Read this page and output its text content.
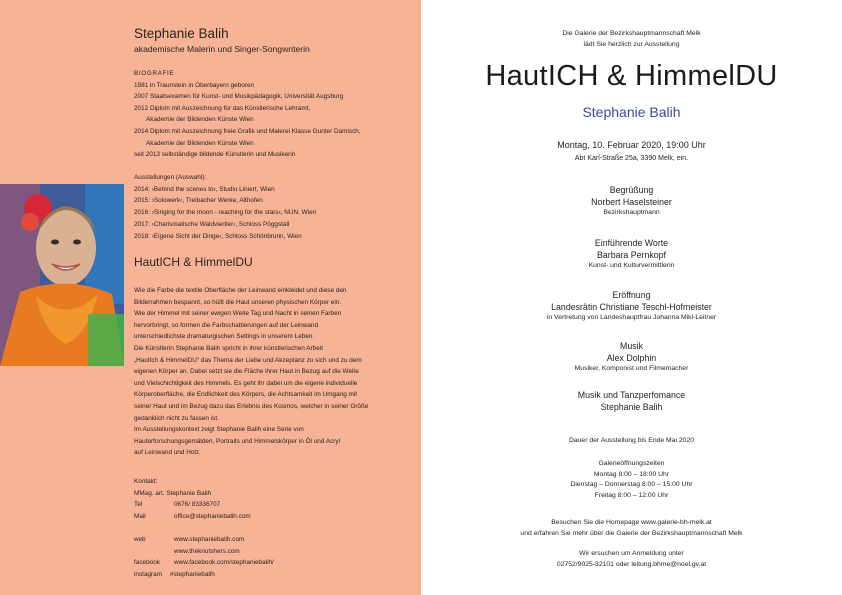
Stephanie Balih
akademische Malerin und Singer-Songwriterin
BIOGRAFIE
1981 in Traunstein in Oberbayern geboren
2007 Staatsexamen für Kunst- und Musikpädagogik, Universität Augsburg
2012 Diplom mit Auszeichnung für das Künstlerische Lehramt,
Akademie der Bildenden Künste Wien
2014 Diplom mit Auszeichnung freie Grafik und Malerei Klasse Gunter Damisch,
Akademie der Bildenden Künste Wien
seit 2013 selbständige bildende Künstlerin und Musikerin
Ausstellungen (Auswahl):
2014: ›Behind the scenes to‹, Studio Liniert, Wien
2015: ›Solowerk‹, Treibacher Werke, Althofen
2016: ›Singing for the moon - reaching for the stars‹, NUN, Wien
2017: ›Charismatische Waldviertler‹, Schloss Pöggstall
2018: ›Eigene Sicht der Dinge‹, Schloss Schönbrunn, Wien
HautICH & HimmelDU
Wie die Farbe die textile Oberfläche der Leinwand einkleidet und diese den
Bilderrahmen bespannt, so hüllt die Haut unseren physischen Körper ein.
Wie der Himmel mit seiner ewigen Weite Tag und Nacht in seinen Farben
hervorbringt, so formen die Farbschattierungen auf der Leinwand
unterschiedlichste dramaturgischen Settings in unserem Leben.
Die Künstlerin Stephanie Balih spricht in ihrer künstlerischen Arbeit
„HautIch & HimmelDU" das Thema der Liebe und Akzeptanz zu sich und zu dem
eigenen Körper an. Dabei setzt sie die Fläche ihrer Haut in Bezug auf die Weite
und Vielschichtigkeit des Himmels. Es geht ihr dabei um die eigene individuelle
Körperoberfläche, die Endlichkeit des Körpers, die Achtsamkeit im Umgang mit
seiner Haut und im Bezug dazu das Erlebnis des Kosmos, welcher in seiner Größe
gedanklich nicht zu fassen ist.
Im Ausstellungskontext zeigt Stephanie Balih eine Serie von
Hauterforschungsgemälden, Portraits und Himmelskörper in Öl und Acryl
auf Leinwand und Holz.
Kontakt:
MMag. art. Stephanie Balih
Tel	0676/ 83336707
Mail	office@stephaniebalih.com
web	www.stephaniebalih.com
www.theknutshers.com
facebook	www.facebook.com/stephaniebalih/
instagram	#stephaniebalih
Die Galerie der Bezirkshauptmannschaft Melk
lädt Sie herzlich zur Ausstellung
HautICH & HimmelDU
Stephanie Balih
Montag, 10. Februar 2020, 19:00 Uhr
Abt Karl-Straße 25a, 3390 Melk, ein.
Begrüßung
Norbert Haselsteiner
Bezirkshauptmann
Einführende Worte
Barbara Pernkopf
Kunst- und Kulturvermittlerin
Eröffnung
Landesrätin Christiane Teschl-Hofmeister
in Vertretung von Landeshauptfrau Johanna Mikl-Leitner
Musik
Alex Dolphin
Musiker, Komponist und Filmemacher
Musik und Tanzperfomance
Stephanie Balih
Dauer der Ausstellung bis Ende Mai 2020
Galerieöffnungszeiten
Montag 8:00 – 18:00 Uhr
Dienstag – Donnerstag 8:00 – 15:00 Uhr
Freitag 8:00 – 12:00 Uhr
Besuchen Sie die Homepage www.galerie-bh-melk.at
und erfahren Sie mehr über die Galerie der Bezirkshauptmannschaft Melk
Wir ersuchen um Anmeldung unter
02752/9025-32101 oder leitung.bhme@noel.gv.at
